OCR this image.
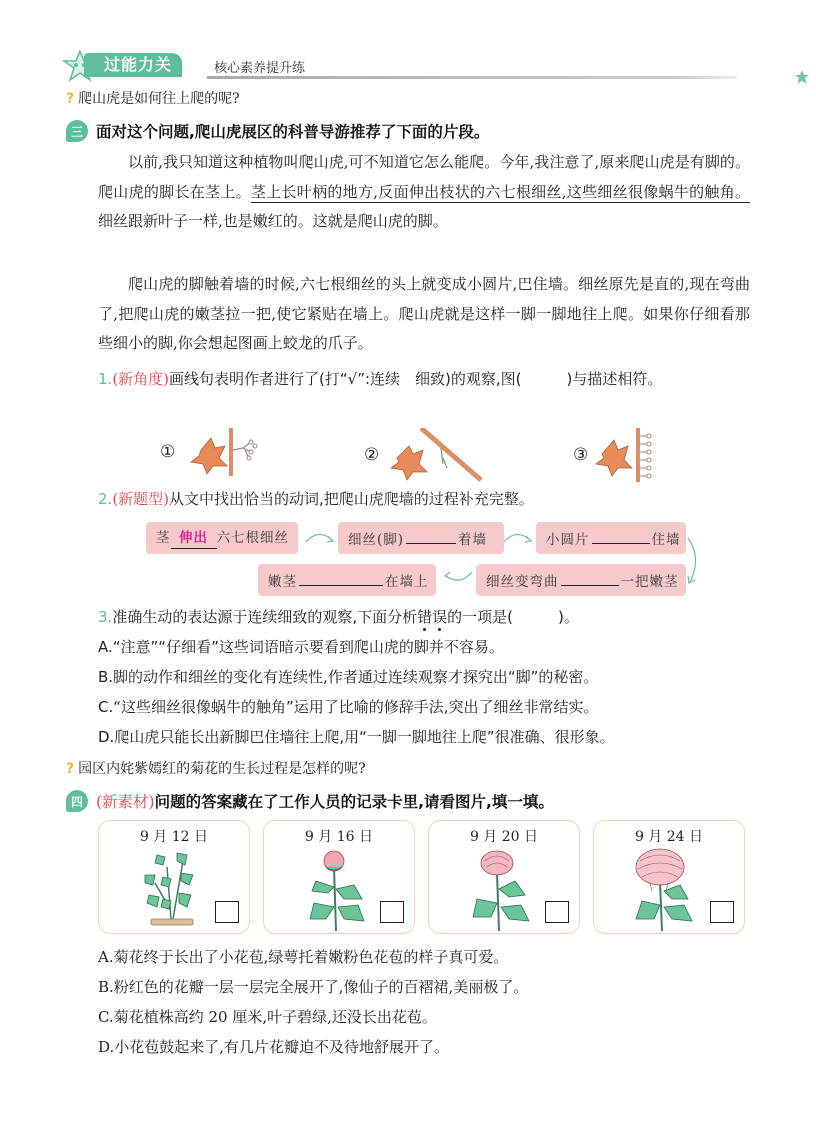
过能力关	核心素养提升练
? 爬山虎是如何往上爬的呢?
三 面对这个问题,爬山虎展区的科普导游推荐了下面的片段。
以前,我只知道这种植物叫爬山虎,可不知道它怎么能爬。今年,我注意了,原来爬山虎是有脚的。爬山虎的脚长在茎上。茎上长叶柄的地方,反面伸出枝状的六七根细丝,这些细丝很像蜗牛的触角。细丝跟新叶子一样,也是嫩红的。这就是爬山虎的脚。
爬山虎的脚触着墙的时候,六七根细丝的头上就变成小圆片,巴住墙。细丝原先是直的,现在弯曲了,把爬山虎的嫩茎拉一把,使它紧贴在墙上。爬山虎就是这样一脚一脚地往上爬。如果你仔细看那些细小的脚,你会想起图画上蛟龙的爪子。
1.(新角度)画线句表明作者进行了(打“√”:连续　细致)的观察,图(　　　)与描述相符。
①	②	③
2.(新题型)从文中找出恰当的动词,把爬山虎爬墙的过程补充完整。
茎 伸出 六七根细丝	细丝(脚)	着墙	小圆片	住墙
细丝变弯曲	一把嫩茎
嫩茎	在墙上
3.准确生动的表达源于连续细致的观察,下面分析错误的一项是(　　　)。
A.“注意”“仔细看”这些词语暗示要看到爬山虎的脚并不容易。
B.脚的动作和细丝的变化有连续性,作者通过连续观察才探究出“脚”的秘密。
C.“这些细丝很像蜗牛的触角”运用了比喻的修辞手法,突出了细丝非常结实。
D.爬山虎只能长出新脚巴住墙往上爬,用“一脚一脚地往上爬”很准确、很形象。
? 园区内姹紫嫣红的菊花的生长过程是怎样的呢?
四 (新素材) 问题的答案藏在了工作人员的记录卡里,请看图片,填一填。
9 月 12 日	9 月 16 日	9 月 20 日	9 月 24 日
A.菊花终于长出了小花苞,绿萼托着嫩粉色花苞的样子真可爱。
B.粉红色的花瓣一层一层完全展开了,像仙子的百褶裙,美丽极了。
C.菊花植株高约 20 厘米,叶子碧绿,还没长出花苞。
D.小花苞鼓起来了,有几片花瓣迫不及待地舒展开了。
